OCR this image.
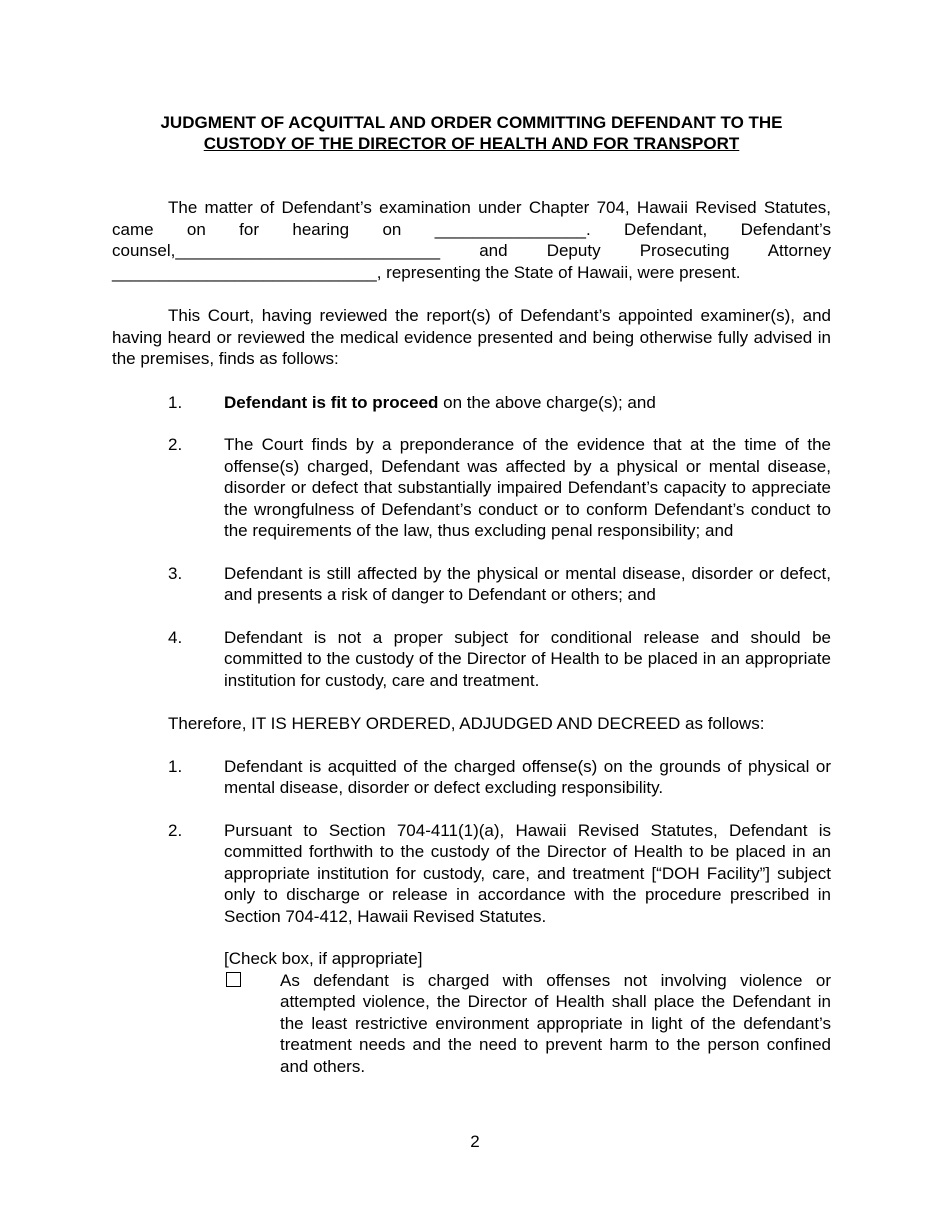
JUDGMENT OF ACQUITTAL AND ORDER COMMITTING DEFENDANT TO THE
CUSTODY OF THE DIRECTOR OF HEALTH AND FOR TRANSPORT

The matter of Defendant’s examination under Chapter 704, Hawaii Revised Statutes, came on for hearing on ________________. Defendant, Defendant’s counsel,____________________________ and Deputy Prosecuting Attorney ____________________________, representing the State of Hawaii, were present.

This Court, having reviewed the report(s) of Defendant’s appointed examiner(s), and having heard or reviewed the medical evidence presented and being otherwise fully advised in the premises, finds as follows:

1. Defendant is fit to proceed on the above charge(s); and
2. The Court finds by a preponderance of the evidence that at the time of the offense(s) charged, Defendant was affected by a physical or mental disease, disorder or defect that substantially impaired Defendant’s capacity to appreciate the wrongfulness of Defendant’s conduct or to conform Defendant’s conduct to the requirements of the law, thus excluding penal responsibility; and
3. Defendant is still affected by the physical or mental disease, disorder or defect, and presents a risk of danger to Defendant or others; and
4. Defendant is not a proper subject for conditional release and should be committed to the custody of the Director of Health to be placed in an appropriate institution for custody, care and treatment.
Therefore, IT IS HEREBY ORDERED, ADJUDGED AND DECREED as follows:
1. Defendant is acquitted of the charged offense(s) on the grounds of physical or mental disease, disorder or defect excluding responsibility.
2. Pursuant to Section 704-411(1)(a), Hawaii Revised Statutes, Defendant is committed forthwith to the custody of the Director of Health to be placed in an appropriate institution for custody, care, and treatment [“DOH Facility”] subject only to discharge or release in accordance with the procedure prescribed in Section 704-412, Hawaii Revised Statutes.
[Check box, if appropriate]
As defendant is charged with offenses not involving violence or attempted violence, the Director of Health shall place the Defendant in the least restrictive environment appropriate in light of the defendant’s treatment needs and the need to prevent harm to the person confined and others.
2
